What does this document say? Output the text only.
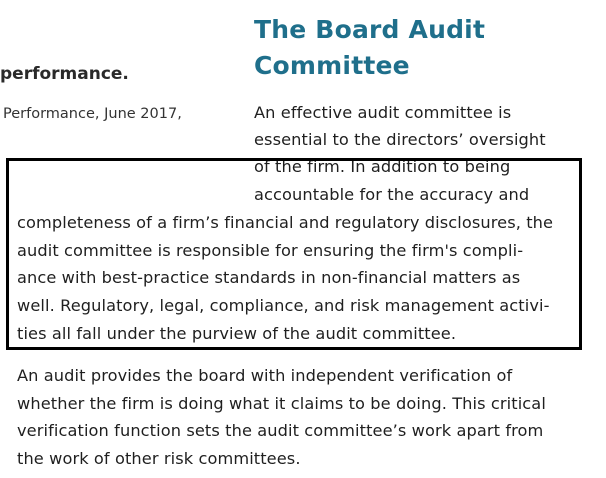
performance.
Performance, June 2017,
The Board Audit
Committee
An effective audit committee is
essential to the directors’ oversight
of the firm. In addition to being
accountable for the accuracy and
completeness of a firm’s financial and regulatory disclosures, the
audit committee is responsible for ensuring the firm's compli-
ance with best-practice standards in non-financial matters as
well. Regulatory, legal, compliance, and risk management activi-
ties all fall under the purview of the audit committee.
An audit provides the board with independent verification of
whether the firm is doing what it claims to be doing. This critical
verification function sets the audit committee’s work apart from
the work of other risk committees.
